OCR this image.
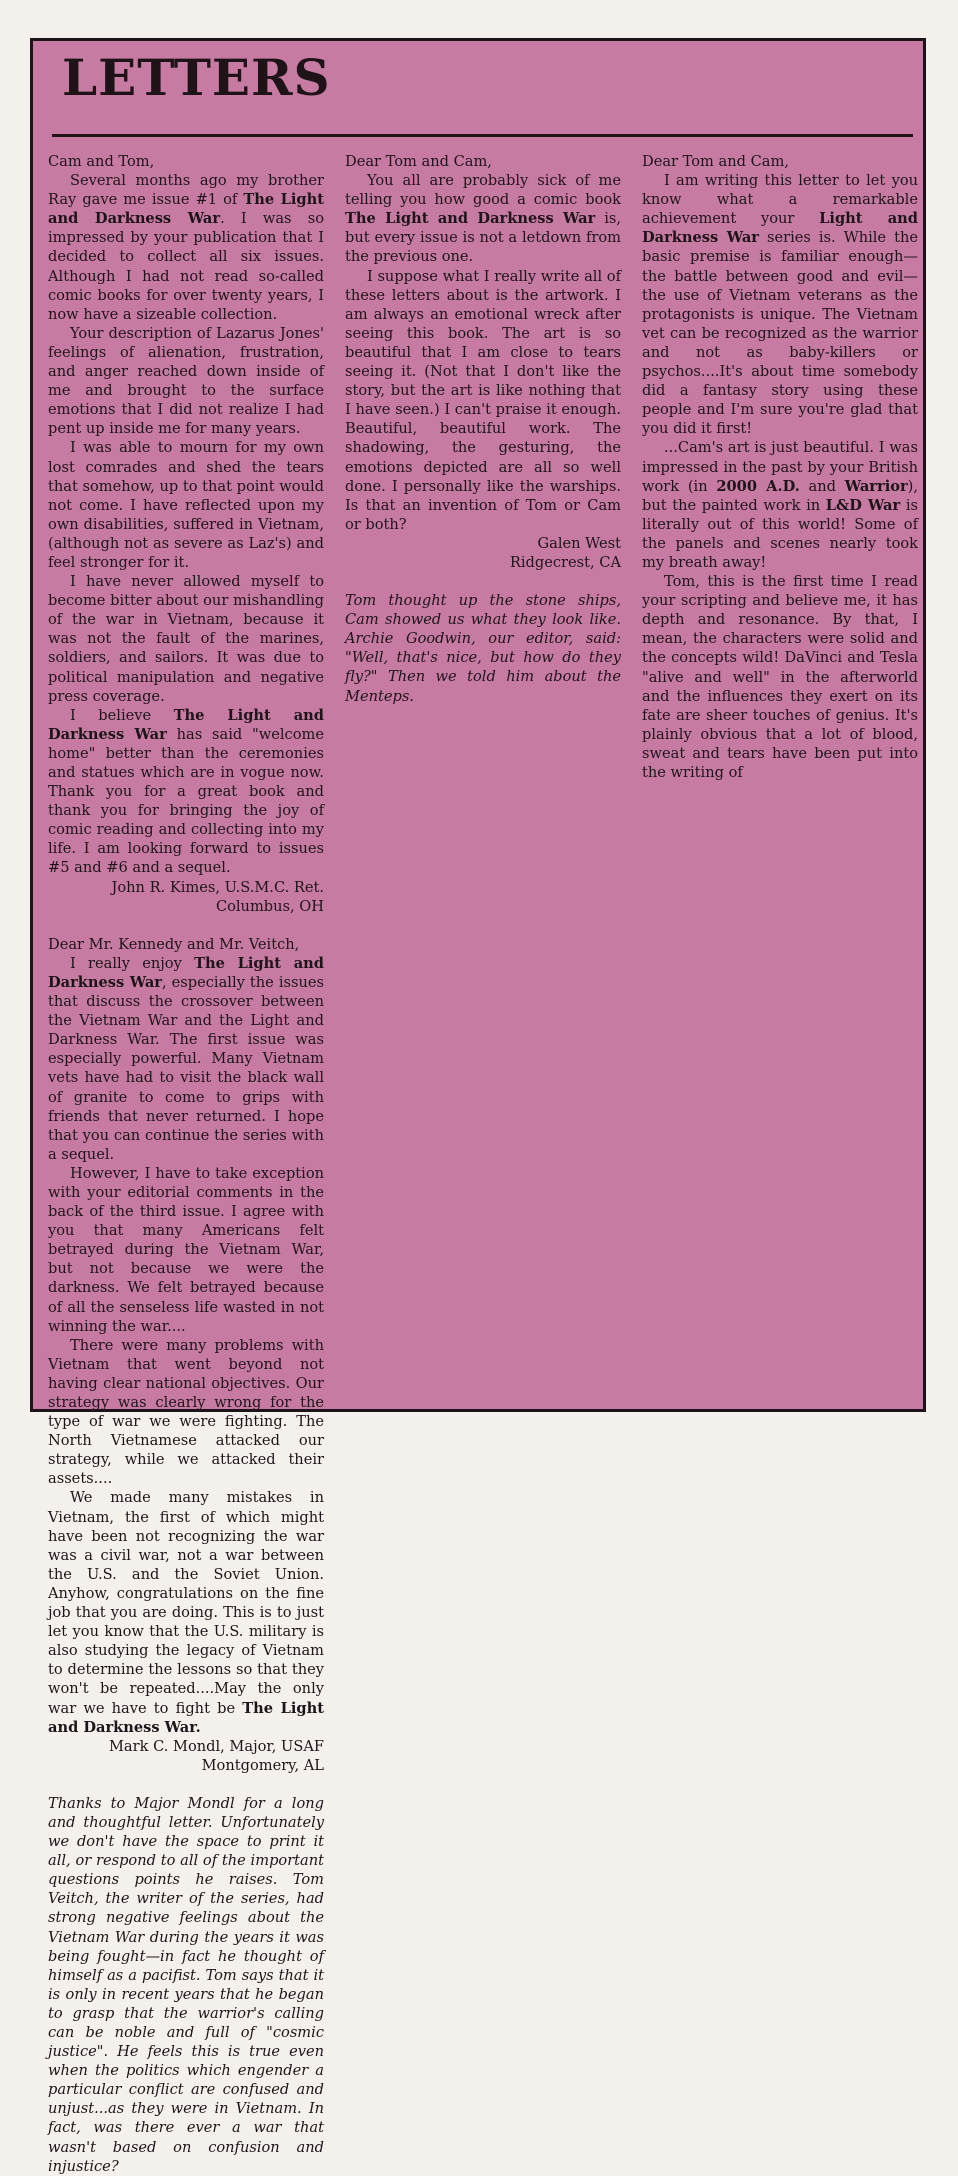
LETTERS

Cam and Tom,

Several months ago my brother Ray gave me issue #1 of The Light and Darkness War. I was so impressed by your publication that I decided to collect all six issues. Although I had not read so-called comic books for over twenty years, I now have a sizeable collection.

Your description of Lazarus Jones' feelings of alienation, frustration, and anger reached down inside of me and brought to the surface emotions that I did not realize I had pent up inside me for many years.

I was able to mourn for my own lost comrades and shed the tears that somehow, up to that point would not come. I have reflected upon my own disabilities, suffered in Vietnam, (although not as severe as Laz's) and feel stronger for it.

I have never allowed myself to become bitter about our mishandling of the war in Vietnam, because it was not the fault of the marines, soldiers, and sailors. It was due to political manipulation and negative press coverage.

I believe The Light and Darkness War has said "welcome home" better than the ceremonies and statues which are in vogue now. Thank you for a great book and thank you for bringing the joy of comic reading and collecting into my life. I am looking forward to issues #5 and #6 and a sequel.

John R. Kimes, U.S.M.C. Ret.

Columbus, OH

Dear Mr. Kennedy and Mr. Veitch,

I really enjoy The Light and Darkness War, especially the issues that discuss the crossover between the Vietnam War and the Light and Darkness War. The first issue was especially powerful. Many Vietnam vets have had to visit the black wall of granite to come to grips with friends that never returned. I hope that you can continue the series with a sequel.

However, I have to take exception with your editorial comments in the back of the third issue. I agree with you that many Americans felt betrayed during the Vietnam War, but not because we were the darkness. We felt betrayed because of all the senseless life wasted in not winning the war....

There were many problems with Vietnam that went beyond not having clear national objectives. Our strategy was clearly wrong for the type of war we were fighting. The North Vietnamese attacked our strategy, while we attacked their assets....

We made many mistakes in Vietnam, the first of which might have been not recognizing the war was a civil war, not a war between the U.S. and the Soviet Union. Anyhow, congratulations on the fine job that you are doing. This is to just let you know that the U.S. military is also studying the legacy of Vietnam to determine the lessons so that they won't be repeated....May the only war we have to fight be The Light and Darkness War.

Mark C. Mondl, Major, USAF

Montgomery, AL

Thanks to Major Mondl for a long and thoughtful letter. Unfortunately we don't have the space to print it all, or respond to all of the important questions points he raises. Tom Veitch, the writer of the series, had strong negative feelings about the Vietnam War during the years it was being fought—in fact he thought of himself as a pacifist. Tom says that it is only in recent years that he began to grasp that the warrior's calling can be noble and full of "cosmic justice". He feels this is true even when the politics which engender a particular conflict are confused and unjust...as they were in Vietnam. In fact, was there ever a war that wasn't based on confusion and injustice?

Dear Tom and Cam,

You all are probably sick of me telling you how good a comic book The Light and Darkness War is, but every issue is not a letdown from the previous one.

I suppose what I really write all of these letters about is the artwork. I am always an emotional wreck after seeing this book. The art is so beautiful that I am close to tears seeing it. (Not that I don't like the story, but the art is like nothing that I have seen.) I can't praise it enough. Beautiful, beautiful work. The shadowing, the gesturing, the emotions depicted are all so well done. I personally like the warships. Is that an invention of Tom or Cam or both?

Galen West

Ridgecrest, CA

Tom thought up the stone ships, Cam showed us what they look like. Archie Goodwin, our editor, said: "Well, that's nice, but how do they fly?" Then we told him about the Menteps.

Dear Tom and Cam,

I am writing this letter to let you know what a remarkable achievement your Light and Darkness War series is. While the basic premise is familiar enough—the battle between good and evil—the use of Vietnam veterans as the protagonists is unique. The Vietnam vet can be recognized as the warrior and not as baby-killers or psychos....It's about time somebody did a fantasy story using these people and I'm sure you're glad that you did it first!

...Cam's art is just beautiful. I was impressed in the past by your British work (in 2000 A.D. and Warrior), but the painted work in L&D War is literally out of this world! Some of the panels and scenes nearly took my breath away!

Tom, this is the first time I read your scripting and believe me, it has depth and resonance. By that, I mean, the characters were solid and the concepts wild! DaVinci and Tesla "alive and well" in the afterworld and the influences they exert on its fate are sheer touches of genius. It's plainly obvious that a lot of blood, sweat and tears have been put into the writing of
